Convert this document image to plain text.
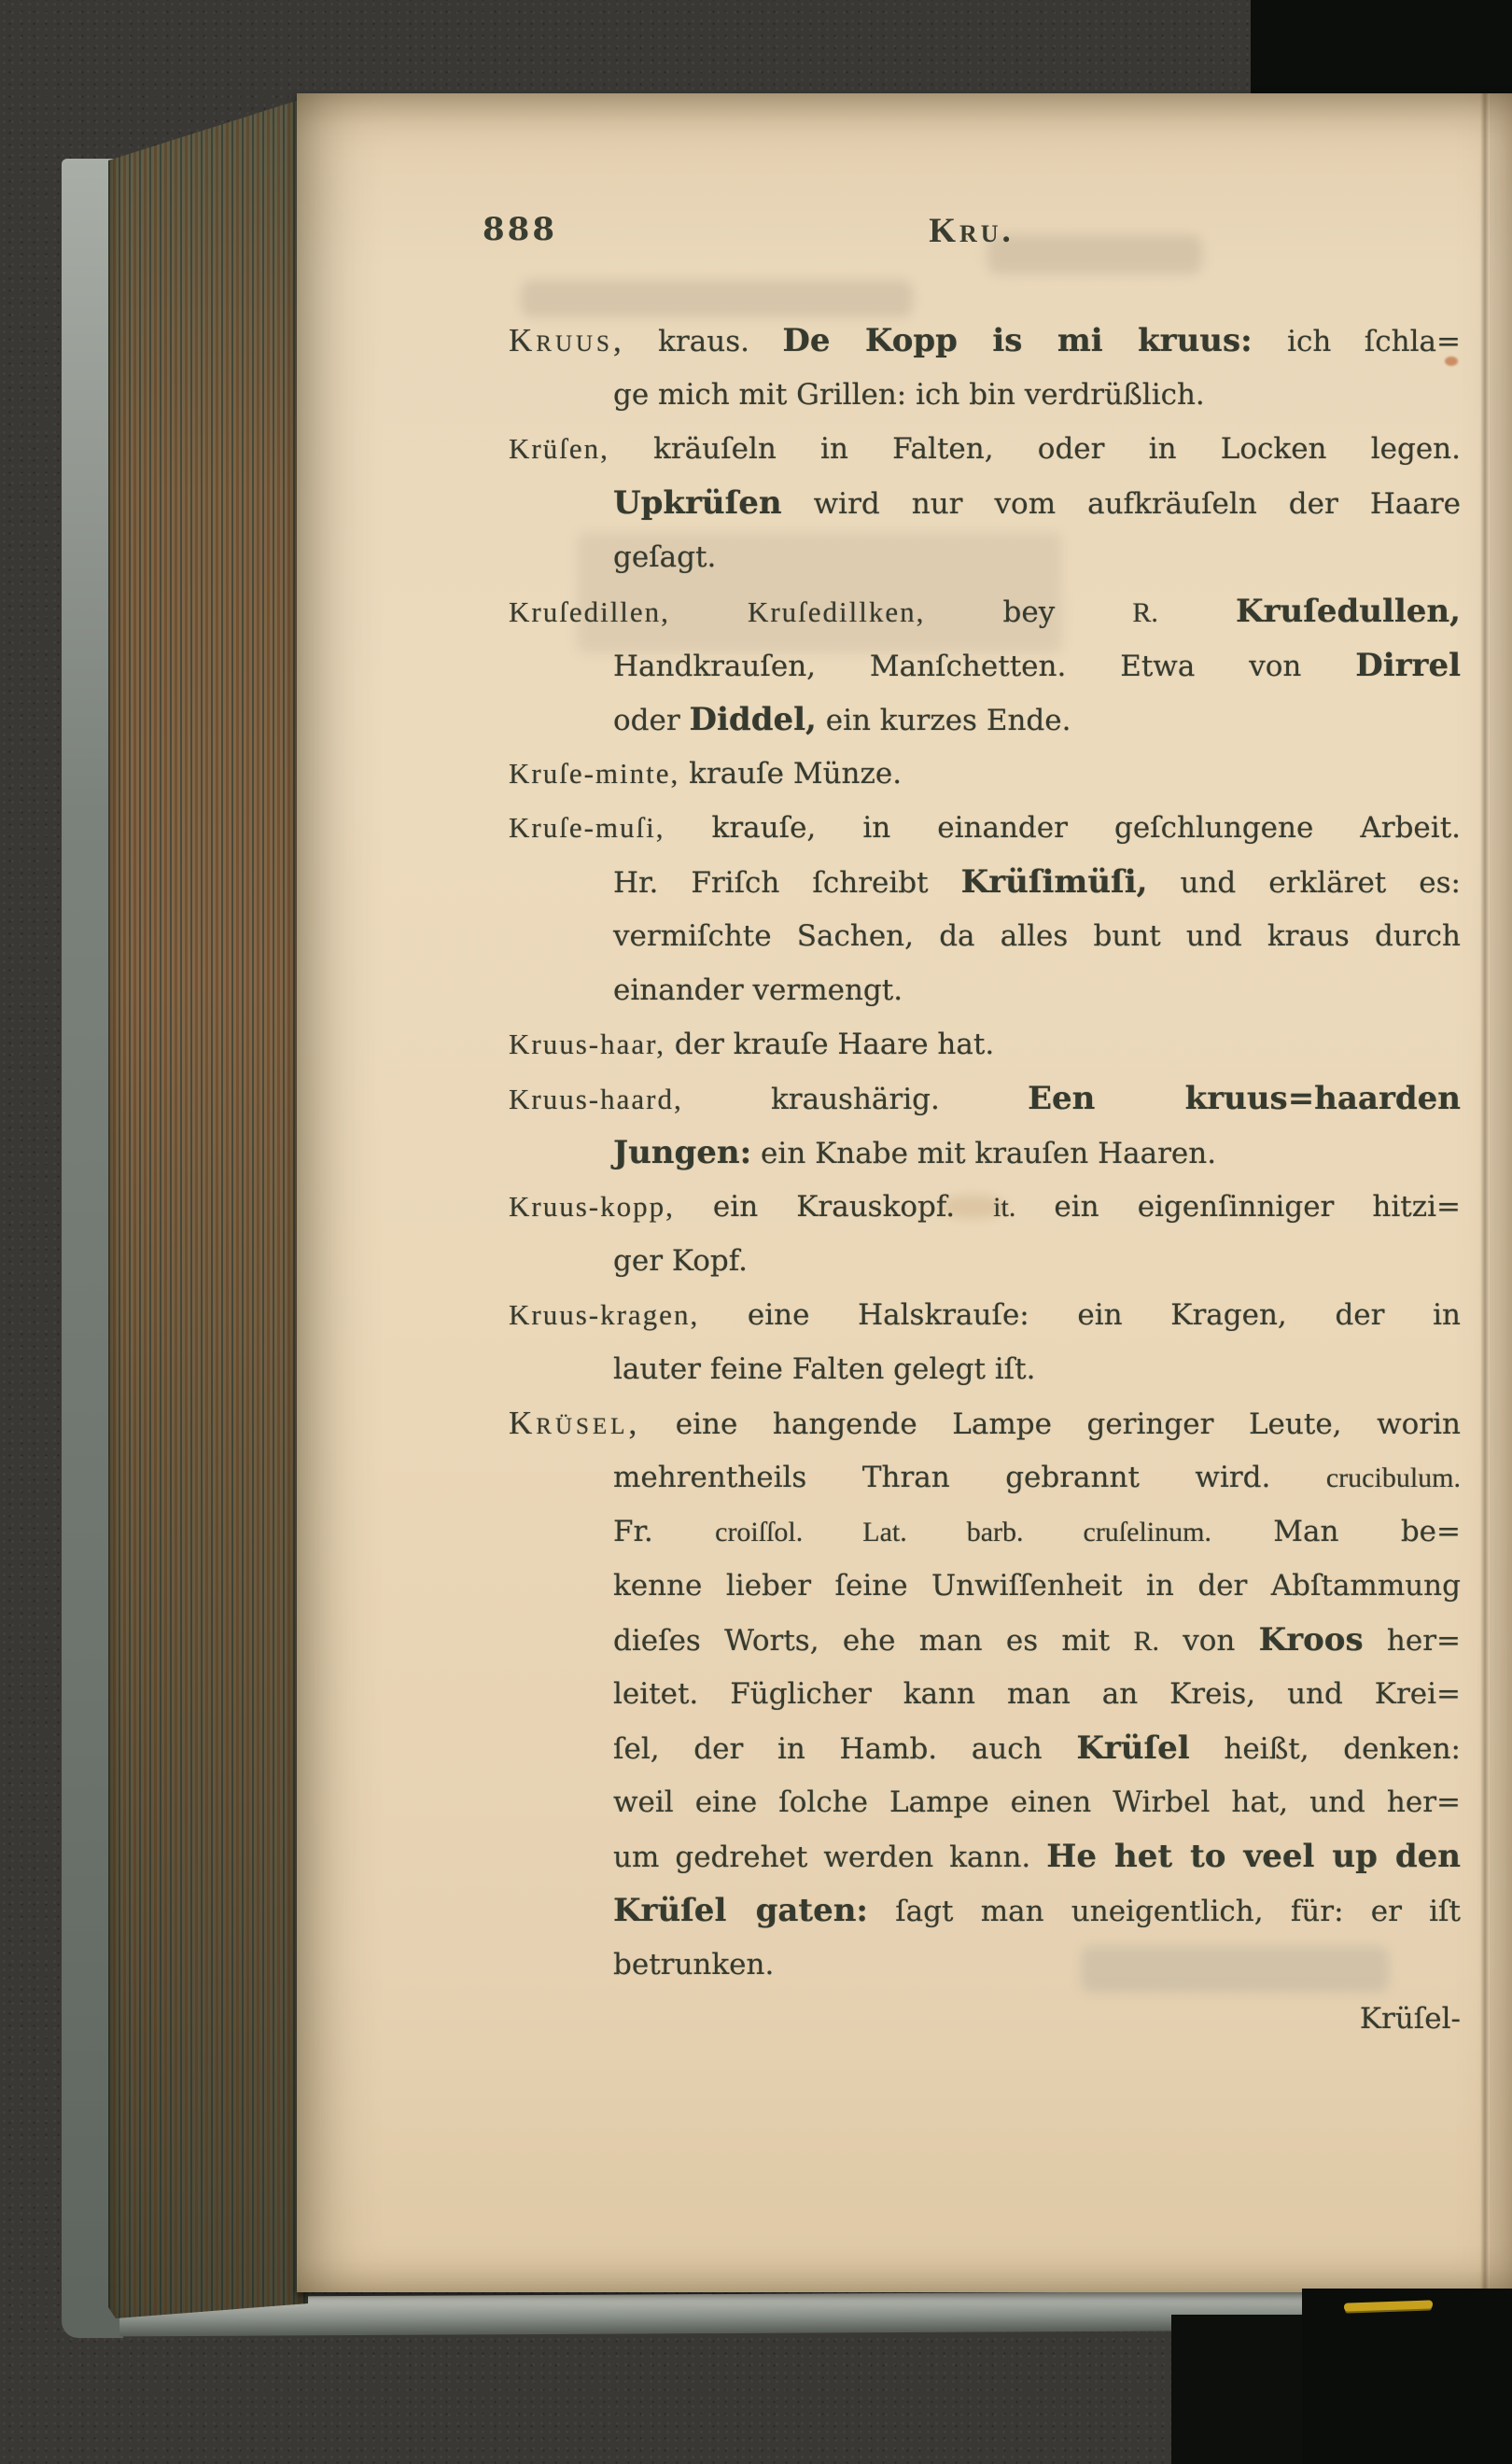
888	Kru.
Kruus, kraus. De Kopp is mi kruus: ich ſchla=
ge mich mit Grillen: ich bin verdrüßlich.
Krüſen, kräuſeln in Falten, oder in Locken legen.
Upkrüſen wird nur vom aufkräuſeln der Haare
geſagt.
Kruſedillen, Kruſedillken, bey R. Kruſedullen,
Handkrauſen, Manſchetten. Etwa von Dirrel
oder Diddel, ein kurzes Ende.
Kruſe-minte, krauſe Münze.
Kruſe-muſi, krauſe, in einander geſchlungene Arbeit.
Hr. Friſch ſchreibt Krüſimüſi, und erkläret es:
vermiſchte Sachen, da alles bunt und kraus durch
einander vermengt.
Kruus-haar, der krauſe Haare hat.
Kruus-haard, kraushärig. Een kruus=haarden
Jungen: ein Knabe mit krauſen Haaren.
Kruus-kopp, ein Krauskopf. it. ein eigenſinniger hitzi=
ger Kopf.
Kruus-kragen, eine Halskrauſe: ein Kragen, der in
lauter feine Falten gelegt iſt.
Krüsel, eine hangende Lampe geringer Leute, worin
mehrentheils Thran gebrannt wird. crucibulum.
Fr. croiſſol. Lat. barb. cruſelinum. Man be=
kenne lieber ſeine Unwiſſenheit in der Abſtammung
dieſes Worts, ehe man es mit R. von Kroos her=
leitet. Füglicher kann man an Kreis, und Krei=
ſel, der in Hamb. auch Krüſel heißt, denken:
weil eine ſolche Lampe einen Wirbel hat, und her=
um gedrehet werden kann. He het to veel up den
Krüſel gaten: ſagt man uneigentlich, für: er iſt
betrunken.
Krüſel-
